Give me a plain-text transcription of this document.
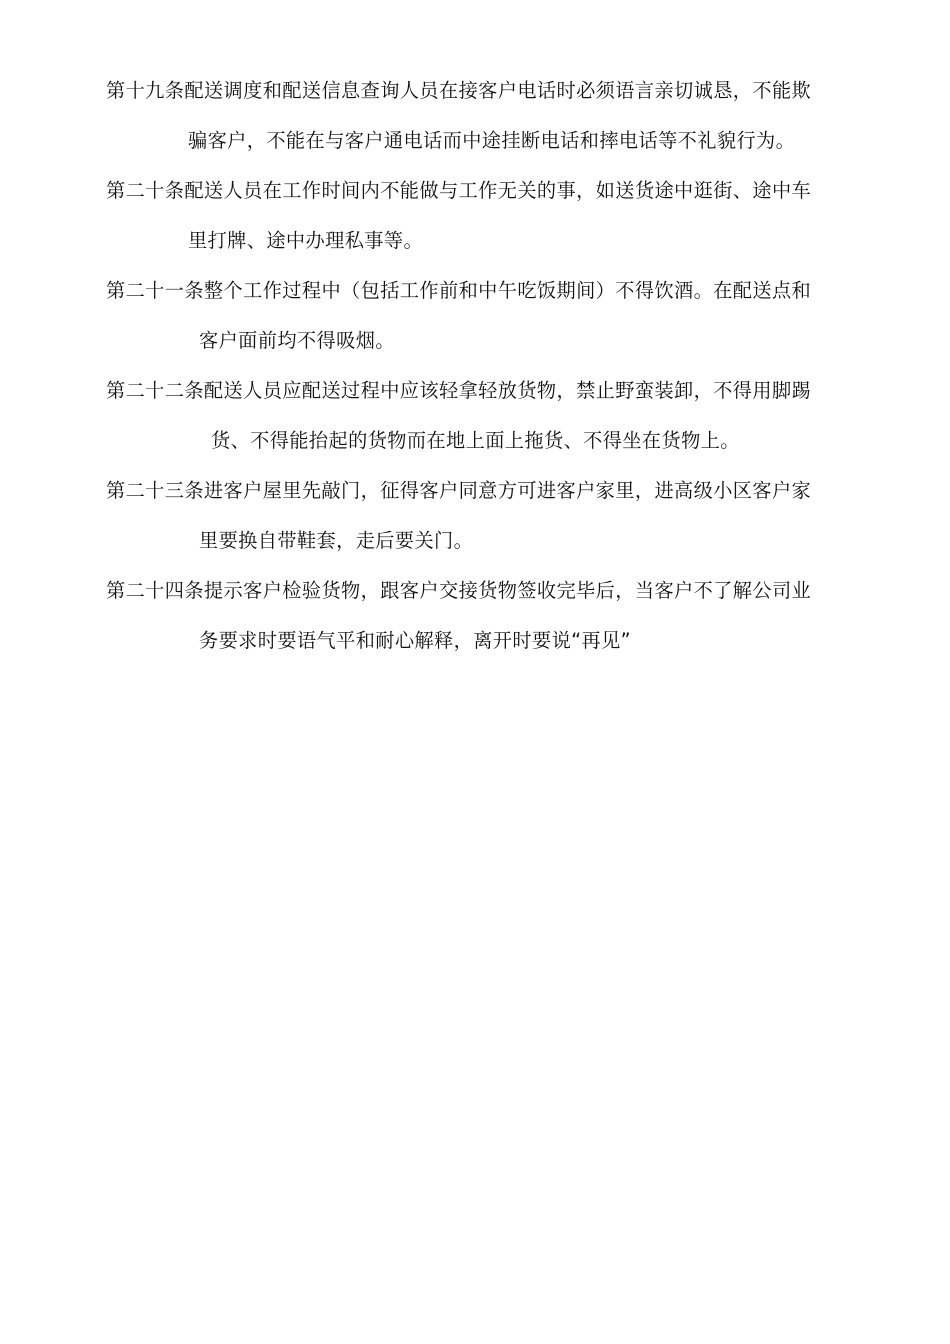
第十九条配送调度和配送信息查询人员在接客户电话时必须语言亲切诚恳，不能欺
骗客户，不能在与客户通电话而中途挂断电话和摔电话等不礼貌行为。
第二十条配送人员在工作时间内不能做与工作无关的事，如送货途中逛街、途中车
里打牌、途中办理私事等。
第二十一条整个工作过程中（包括工作前和中午吃饭期间）不得饮酒。在配送点和
客户面前均不得吸烟。
第二十二条配送人员应配送过程中应该轻拿轻放货物，禁止野蛮装卸，不得用脚踢
货、不得能抬起的货物而在地上面上拖货、不得坐在货物上。
第二十三条进客户屋里先敲门，征得客户同意方可进客户家里，进高级小区客户家
里要换自带鞋套，走后要关门。
第二十四条提示客户检验货物，跟客户交接货物签收完毕后，当客户不了解公司业
务要求时要语气平和耐心解释，离开时要说“再见”
